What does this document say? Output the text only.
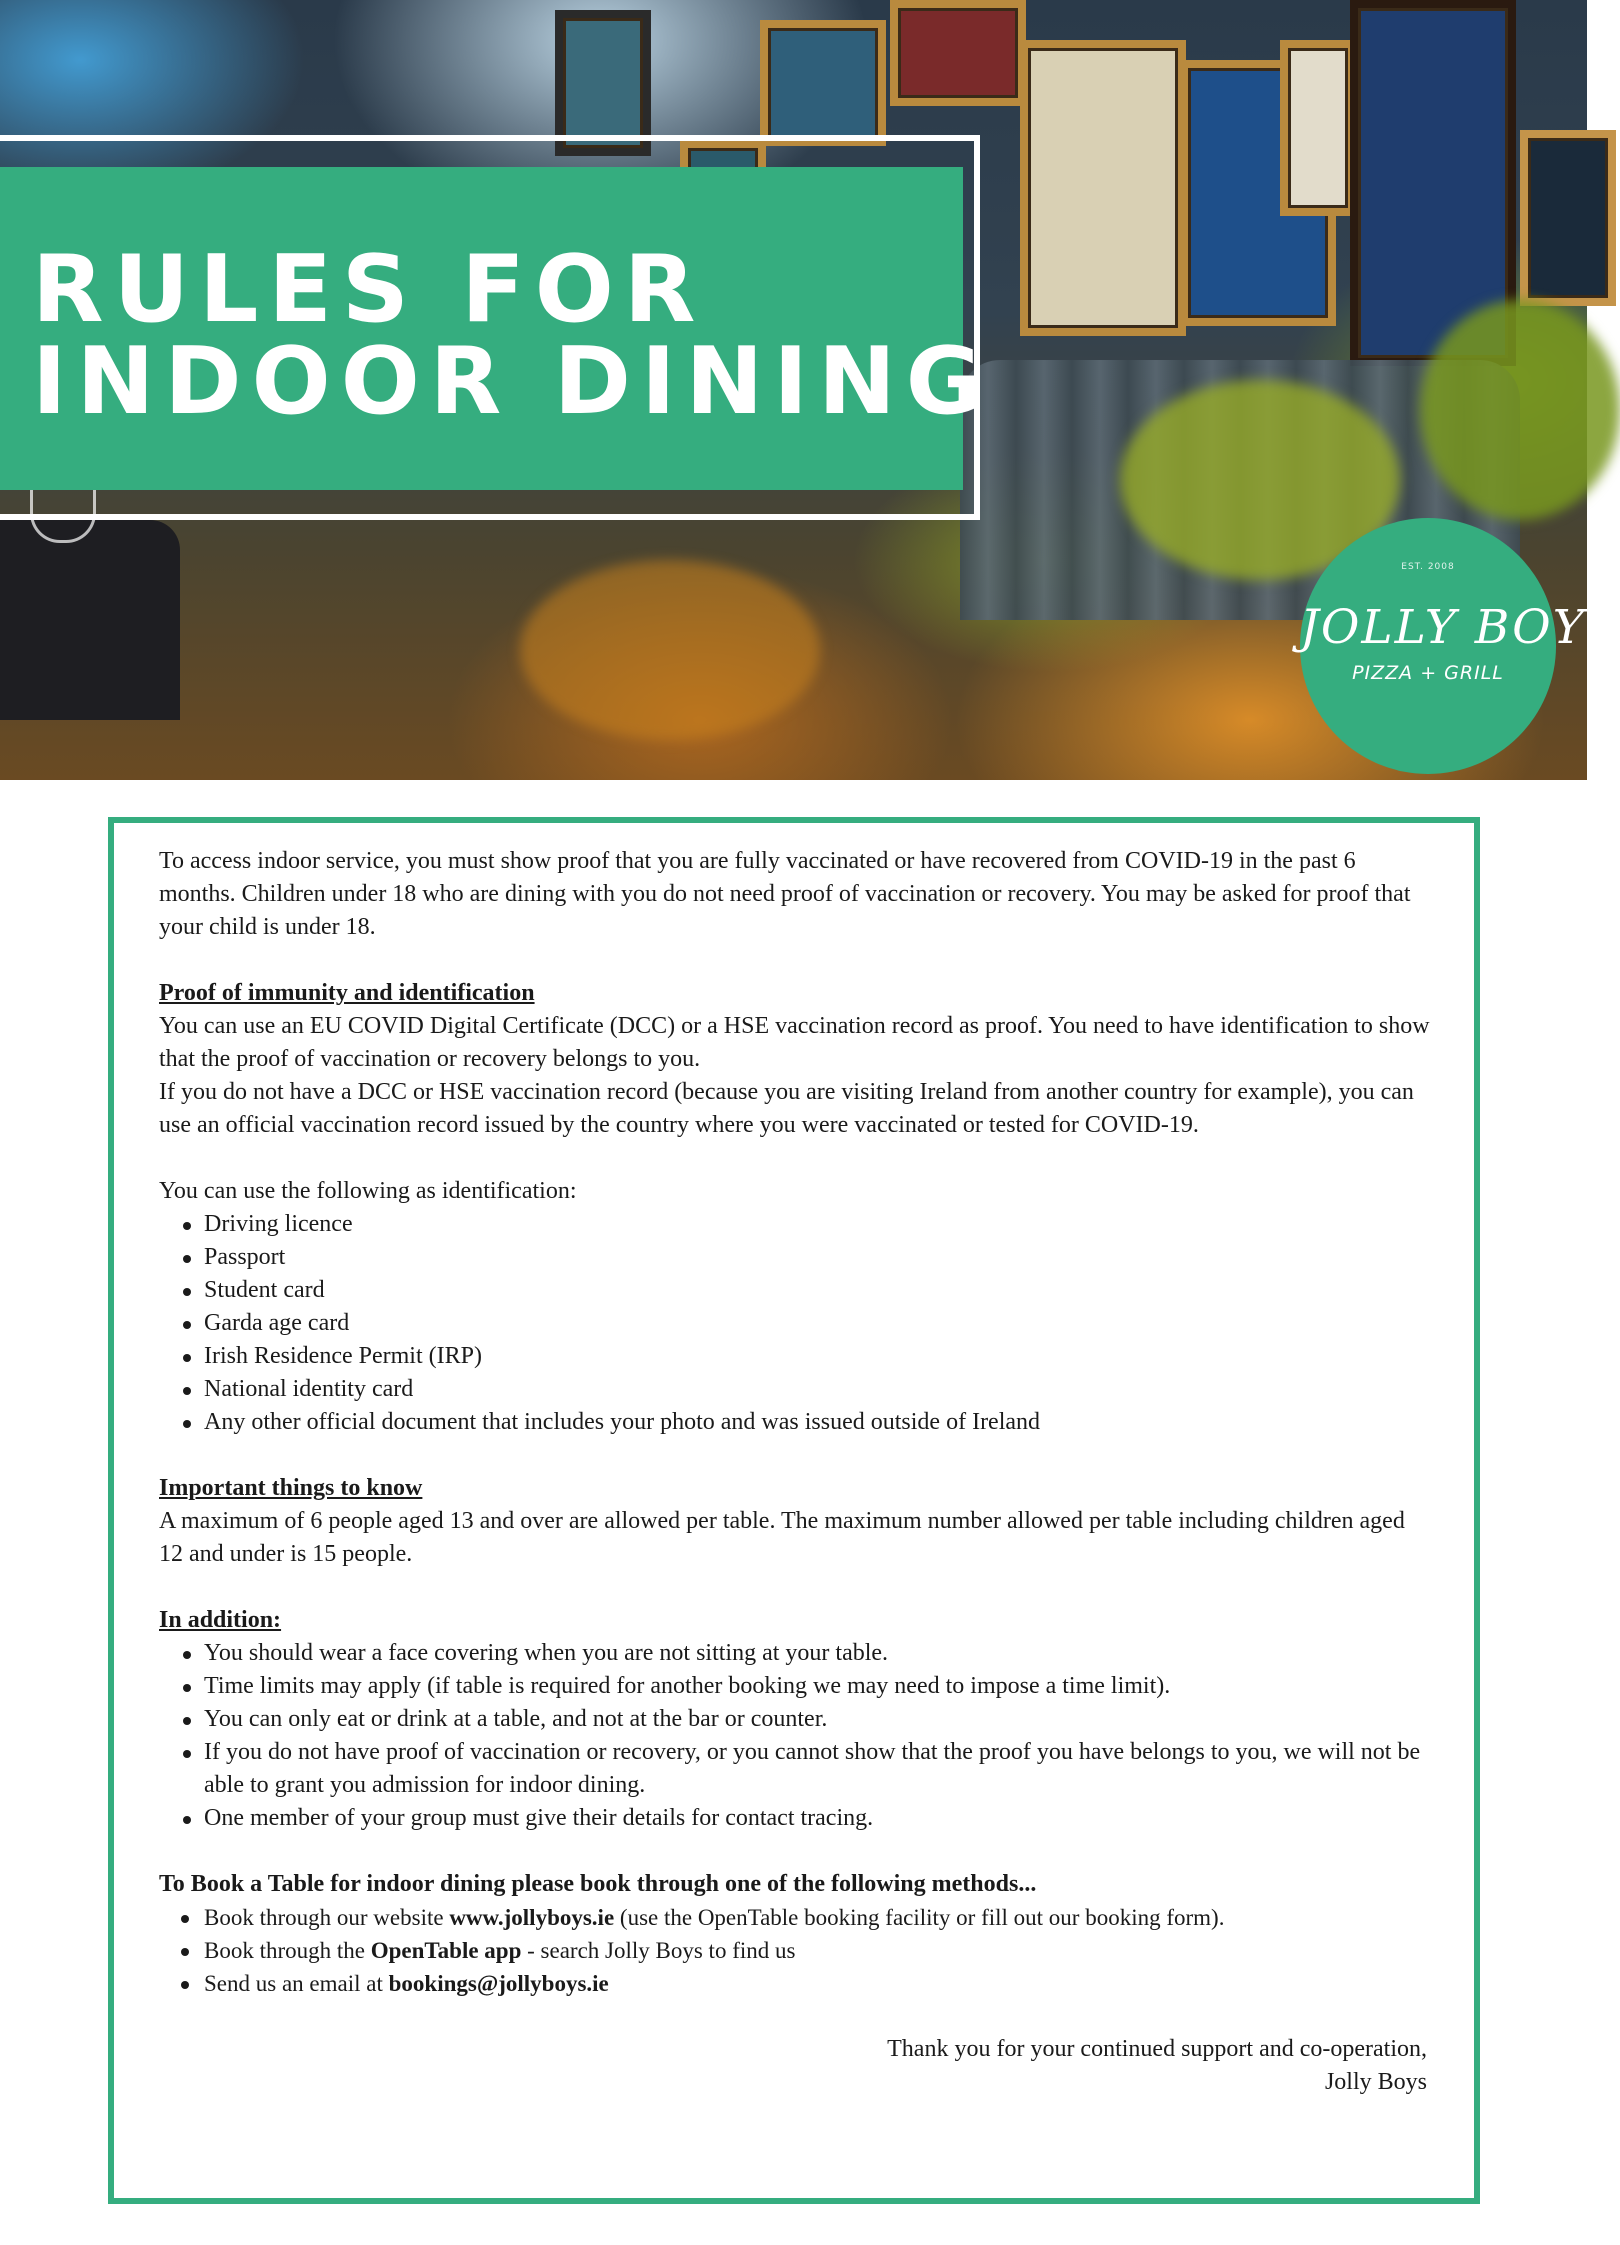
RULES FOR
INDOOR DINING
EST. 2008
JOLLY BOYS
PIZZA + GRILL

To access indoor service, you must show proof that you are fully vaccinated or have recovered from COVID-19 in the past 6 months. Children under 18 who are dining with you do not need proof of vaccination or recovery. You may be asked for proof that your child is under 18.

Proof of immunity and identification

You can use an EU COVID Digital Certificate (DCC) or a HSE vaccination record as proof. You need to have identification to show that the proof of vaccination or recovery belongs to you.

If you do not have a DCC or HSE vaccination record (because you are visiting Ireland from another country for example), you can use an official vaccination record issued by the country where you were vaccinated or tested for COVID-19.

You can use the following as identification:

Driving licence
Passport
Student card
Garda age card
Irish Residence Permit (IRP)
National identity card
Any other official document that includes your photo and was issued outside of Ireland

Important things to know

A maximum of 6 people aged 13 and over are allowed per table. The maximum number allowed per table including children aged 12 and under is 15 people.

In addition:

You should wear a face covering when you are not sitting at your table.
Time limits may apply (if table is required for another booking we may need to impose a time limit).
You can only eat or drink at a table, and not at the bar or counter.
If you do not have proof of vaccination or recovery, or you cannot show that the proof you have belongs to you, we will not be able to grant you admission for indoor dining.
One member of your group must give their details for contact tracing.

To Book a Table for indoor dining please book through one of the following methods...

Book through our website www.jollyboys.ie (use the OpenTable booking facility or fill out our booking form).
Book through the OpenTable app - search Jolly Boys to find us
Send us an email at bookings@jollyboys.ie

Thank you for your continued support and co-operation,

Jolly Boys
